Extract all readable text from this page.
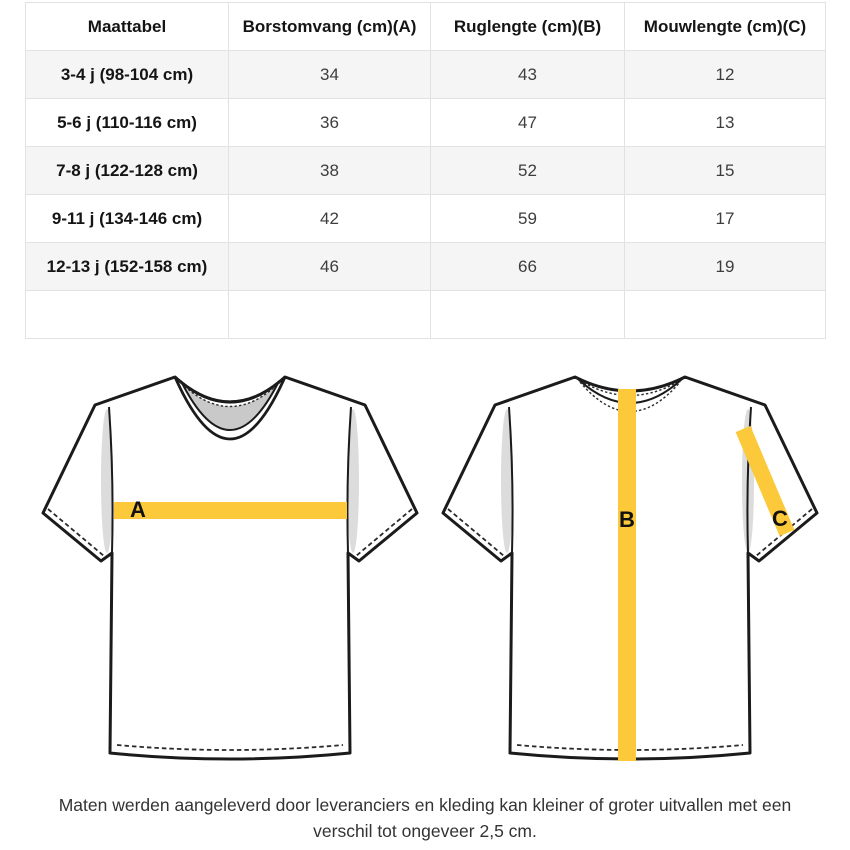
Maattabel	Borstomvang (cm)(A)	Ruglengte (cm)(B)	Mouwlengte (cm)(C)
3-4 j (98-104 cm)	34	43	12
5-6 j (110-116 cm)	36	47	13
7-8 j (122-128 cm)	38	52	15
9-11 j (134-146 cm)	42	59	17
12-13 j (152-158 cm)	46	66	19

A	B	C
Maten werden aangeleverd door leveranciers en kleding kan kleiner of groter uitvallen met een
verschil tot ongeveer 2,5 cm.
